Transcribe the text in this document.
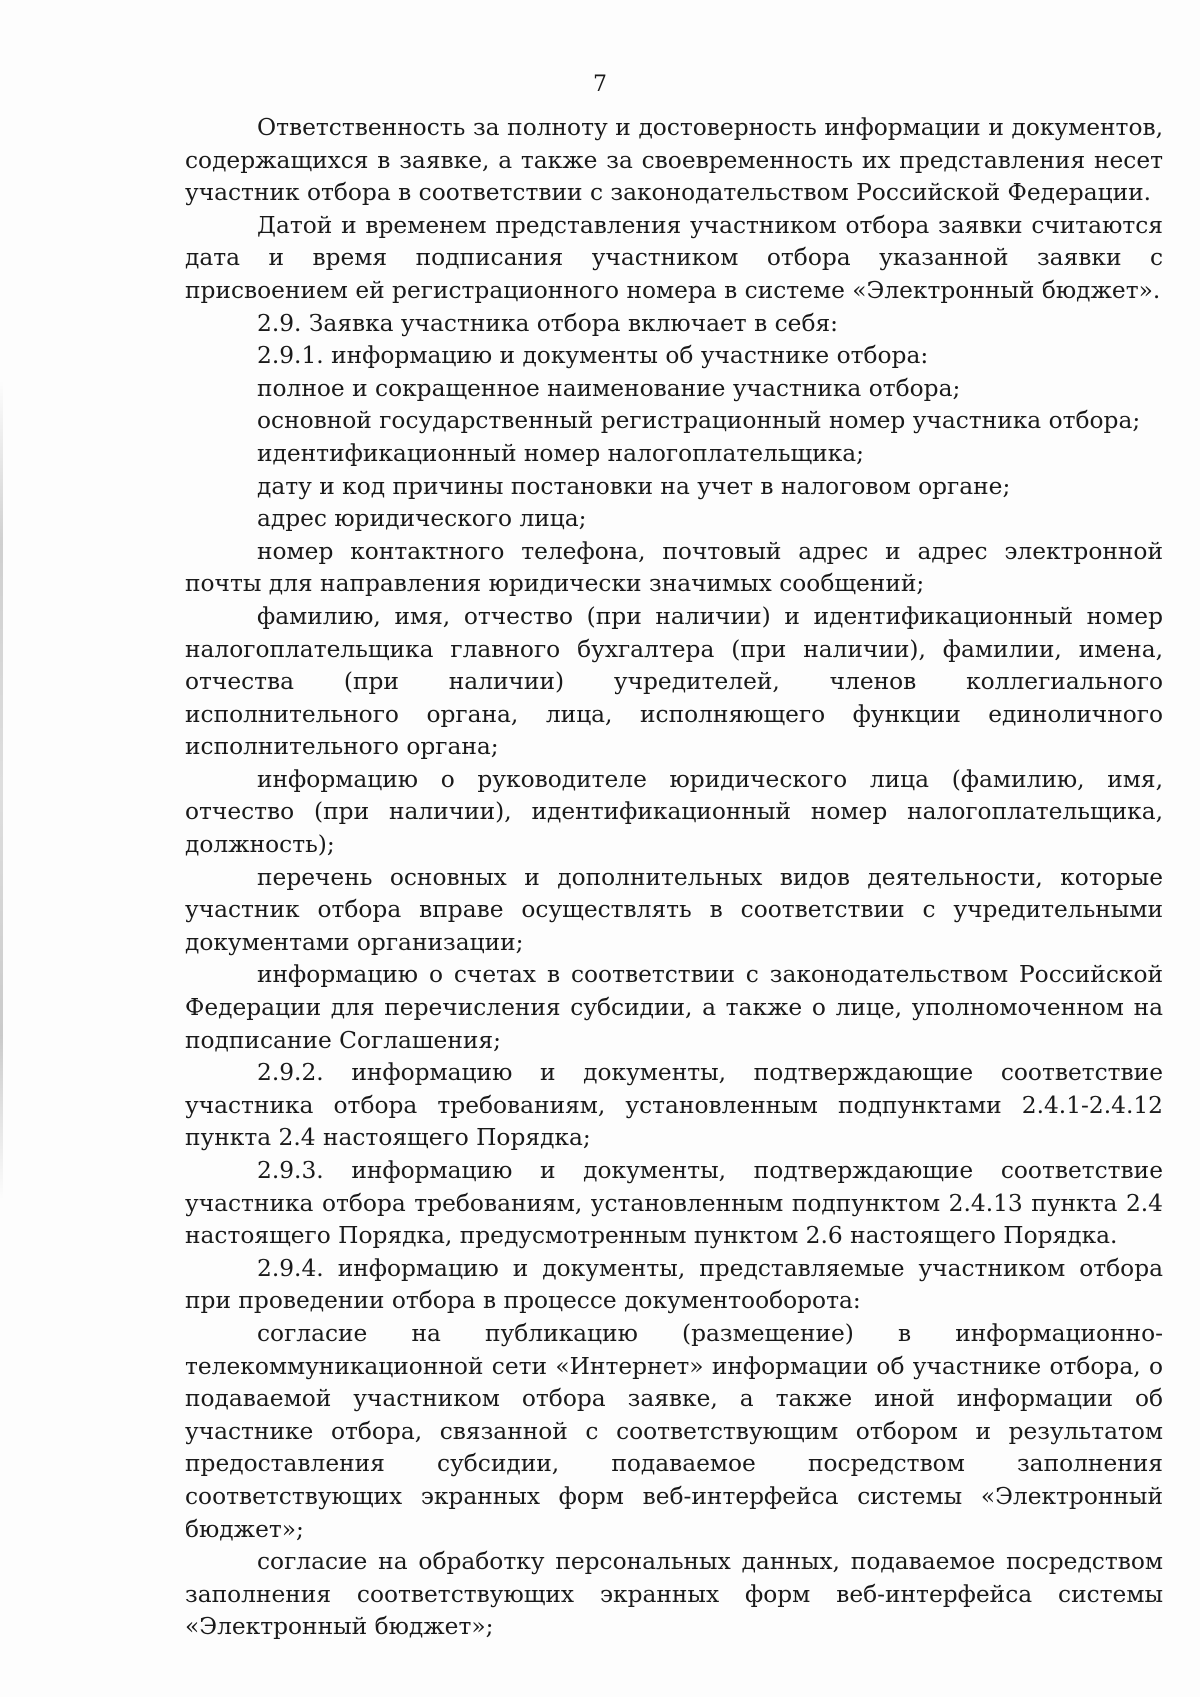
7

Ответственность за полноту и достоверность информации и документов, содержащихся в заявке, а также за своевременность их представления несет участник отбора в соответствии с законодательством Российской Федерации.

Датой и временем представления участником отбора заявки считаются дата и время подписания участником отбора указанной заявки с присвоением ей регистрационного номера в системе «Электронный бюджет».

2.9. Заявка участника отбора включает в себя:

2.9.1. информацию и документы об участнике отбора:

полное и сокращенное наименование участника отбора;

основной государственный регистрационный номер участника отбора;

идентификационный номер налогоплательщика;

дату и код причины постановки на учет в налоговом органе;

адрес юридического лица;

номер контактного телефона, почтовый адрес и адрес электронной почты для направления юридически значимых сообщений;

фамилию, имя, отчество (при наличии) и идентификационный номер налогоплательщика главного бухгалтера (при наличии), фамилии, имена, отчества (при наличии) учредителей, членов коллегиального исполнительного органа, лица, исполняющего функции единоличного исполнительного органа;

информацию о руководителе юридического лица (фамилию, имя, отчество (при наличии), идентификационный номер налогоплательщика, должность);

перечень основных и дополнительных видов деятельности, которые участник отбора вправе осуществлять в соответствии с учредительными документами организации;

информацию о счетах в соответствии с законодательством Российской Федерации для перечисления субсидии, а также о лице, уполномоченном на подписание Соглашения;

2.9.2. информацию и документы, подтверждающие соответствие участника отбора требованиям, установленным подпунктами 2.4.1-2.4.12 пункта 2.4 настоящего Порядка;

2.9.3. информацию и документы, подтверждающие соответствие участника отбора требованиям, установленным подпунктом 2.4.13 пункта 2.4 настоящего Порядка, предусмотренным пунктом 2.6 настоящего Порядка.

2.9.4. информацию и документы, представляемые участником отбора при проведении отбора в процессе документооборота:

согласие на публикацию (размещение) в информационно-телекоммуникационной сети «Интернет» информации об участнике отбора, о подаваемой участником отбора заявке, а также иной информации об участнике отбора, связанной с соответствующим отбором и результатом предоставления субсидии, подаваемое посредством заполнения соответствующих экранных форм веб-интерфейса системы «Электронный бюджет»;

согласие на обработку персональных данных, подаваемое посредством заполнения соответствующих экранных форм веб-интерфейса системы «Электронный бюджет»;
